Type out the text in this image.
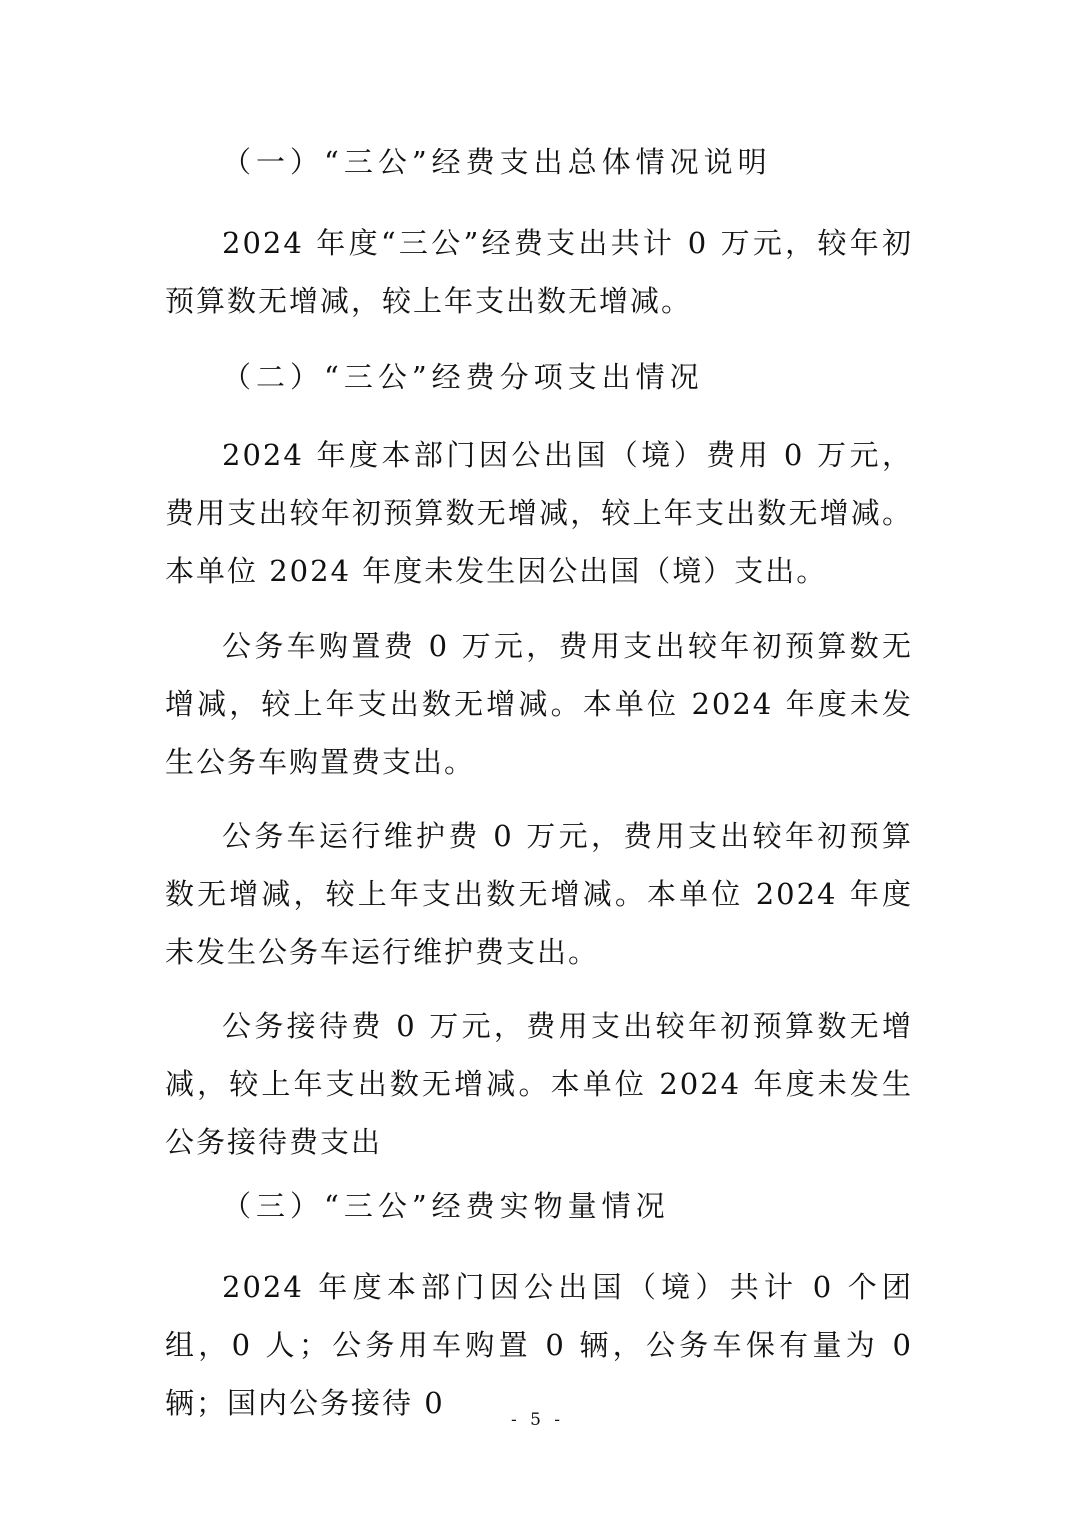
（一）“三公”经费支出总体情况说明
2024 年度“三公”经费支出共计 0 万元，较年初预算数无增减，较上年支出数无增减。
（二）“三公”经费分项支出情况
2024 年度本部门因公出国（境）费用 0 万元，费用支出较年初预算数无增减，较上年支出数无增减。本单位 2024 年度未发生因公出国（境）支出。
公务车购置费 0 万元，费用支出较年初预算数无增减，较上年支出数无增减。本单位 2024 年度未发生公务车购置费支出。
公务车运行维护费 0 万元，费用支出较年初预算数无增减，较上年支出数无增减。本单位 2024 年度未发生公务车运行维护费支出。
公务接待费 0 万元，费用支出较年初预算数无增减，较上年支出数无增减。本单位 2024 年度未发生公务接待费支出
（三）“三公”经费实物量情况
2024 年度本部门因公出国（境）共计 0 个团组，0 人；公务用车购置 0 辆，公务车保有量为 0 辆；国内公务接待 0	- 5 -
